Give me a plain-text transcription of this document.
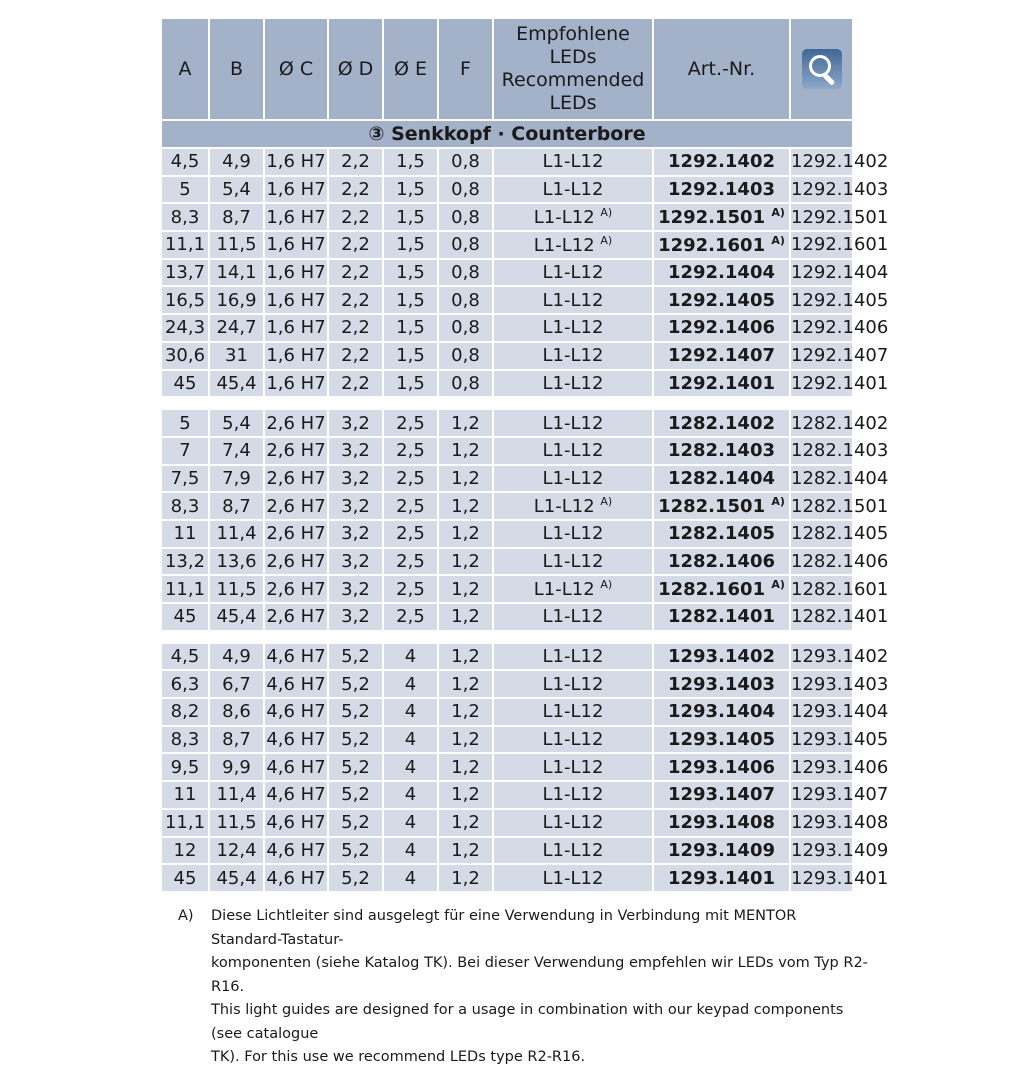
A	B	Ø C	Ø D	Ø E	F	Empfohlene
LEDs
Recommended
LEDs	Art.-Nr.	
③ Senkkopf · Counterbore								
4,5	4,9	1,6 H7	2,2	1,5	0,8	L1-L12	1292.1402	1292.1402
5	5,4	1,6 H7	2,2	1,5	0,8	L1-L12	1292.1403	1292.1403
8,3	8,7	1,6 H7	2,2	1,5	0,8	L1-L12 $^{A)}$	1292.1501 $^{A)}$	1292.1501
11,1	11,5	1,6 H7	2,2	1,5	0,8	L1-L12 $^{A)}$	1292.1601 $^{A)}$	1292.1601
13,7	14,1	1,6 H7	2,2	1,5	0,8	L1-L12	1292.1404	1292.1404
16,5	16,9	1,6 H7	2,2	1,5	0,8	L1-L12	1292.1405	1292.1405
24,3	24,7	1,6 H7	2,2	1,5	0,8	L1-L12	1292.1406	1292.1406
30,6	31	1,6 H7	2,2	1,5	0,8	L1-L12	1292.1407	1292.1407
45	45,4	1,6 H7	2,2	1,5	0,8	L1-L12	1292.1401	1292.1401

5	5,4	2,6 H7	3,2	2,5	1,2	L1-L12	1282.1402	1282.1402
7	7,4	2,6 H7	3,2	2,5	1,2	L1-L12	1282.1403	1282.1403
7,5	7,9	2,6 H7	3,2	2,5	1,2	L1-L12	1282.1404	1282.1404
8,3	8,7	2,6 H7	3,2	2,5	1,2	L1-L12 $^{A)}$	1282.1501 $^{A)}$	1282.1501
11	11,4	2,6 H7	3,2	2,5	1,2	L1-L12	1282.1405	1282.1405
13,2	13,6	2,6 H7	3,2	2,5	1,2	L1-L12	1282.1406	1282.1406
11,1	11,5	2,6 H7	3,2	2,5	1,2	L1-L12 $^{A)}$	1282.1601 $^{A)}$	1282.1601
45	45,4	2,6 H7	3,2	2,5	1,2	L1-L12	1282.1401	1282.1401

4,5	4,9	4,6 H7	5,2	4	1,2	L1-L12	1293.1402	1293.1402
6,3	6,7	4,6 H7	5,2	4	1,2	L1-L12	1293.1403	1293.1403
8,2	8,6	4,6 H7	5,2	4	1,2	L1-L12	1293.1404	1293.1404
8,3	8,7	4,6 H7	5,2	4	1,2	L1-L12	1293.1405	1293.1405
9,5	9,9	4,6 H7	5,2	4	1,2	L1-L12	1293.1406	1293.1406
11	11,4	4,6 H7	5,2	4	1,2	L1-L12	1293.1407	1293.1407
11,1	11,5	4,6 H7	5,2	4	1,2	L1-L12	1293.1408	1293.1408
12	12,4	4,6 H7	5,2	4	1,2	L1-L12	1293.1409	1293.1409
45	45,4	4,6 H7	5,2	4	1,2	L1-L12	1293.1401	1293.1401
A) Diese Lichtleiter sind ausgelegt für eine Verwendung in Verbindung mit MENTOR Standard-Tastatur-
komponenten (siehe Katalog TK). Bei dieser Verwendung empfehlen wir LEDs vom Typ R2-R16.
This light guides are designed for a usage in combination with our keypad components (see catalogue
TK). For this use we recommend LEDs type R2-R16.
